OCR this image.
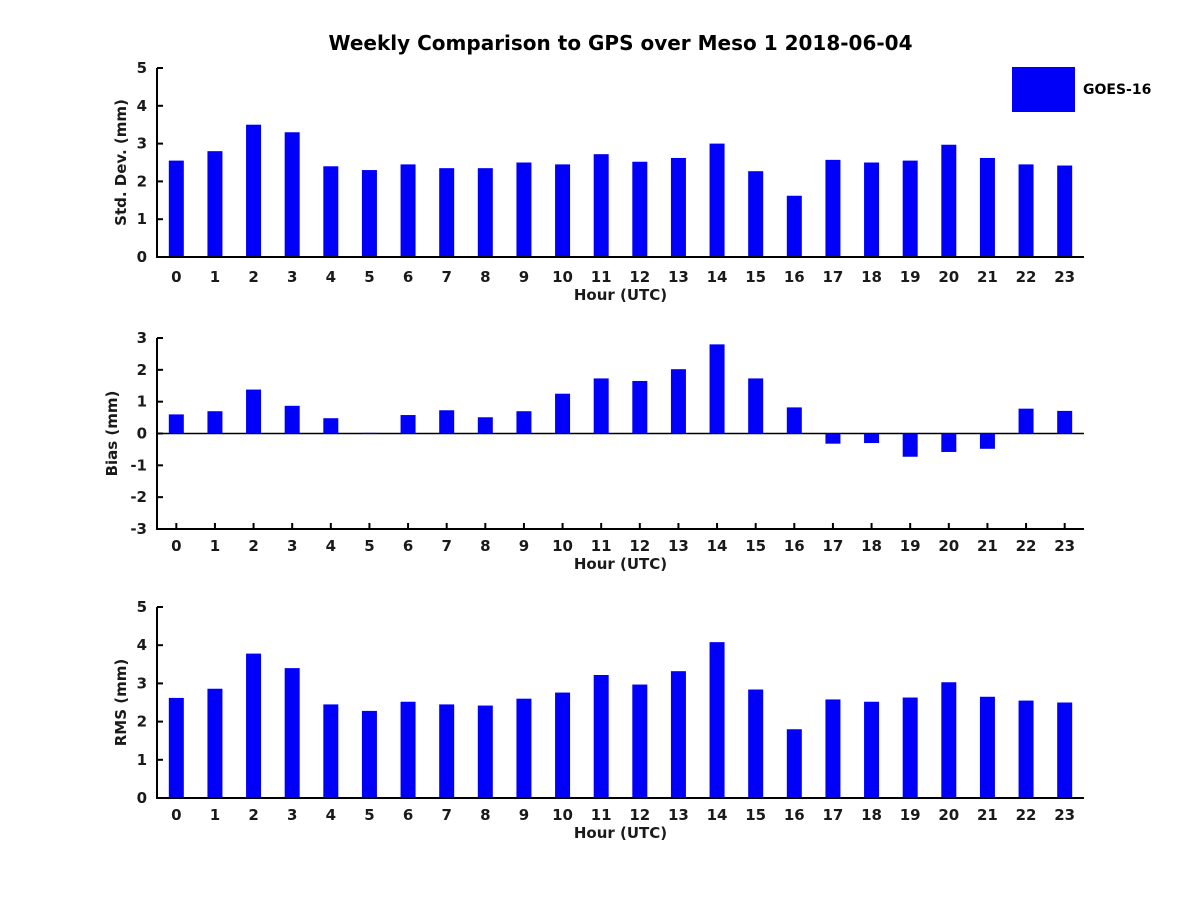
Weekly Comparison to GPS over Meso 1 2018-06-04
GOES-16
0
1
2
3
4
5
0 1 2 3 4 5 6 7 8 9 10 11 12 13 14 15 16 17 18 19 20 21 22 23
Hour (UTC)
Std. Dev. (mm)
-3
-2
-1
0
1
2
3
0 1 2 3 4 5 6 7 8 9 10 11 12 13 14 15 16 17 18 19 20 21 22 23
Hour (UTC)
Bias (mm)
0
1
2
3
4
5
0 1 2 3 4 5 6 7 8 9 10 11 12 13 14 15 16 17 18 19 20 21 22 23
Hour (UTC)
RMS (mm)
